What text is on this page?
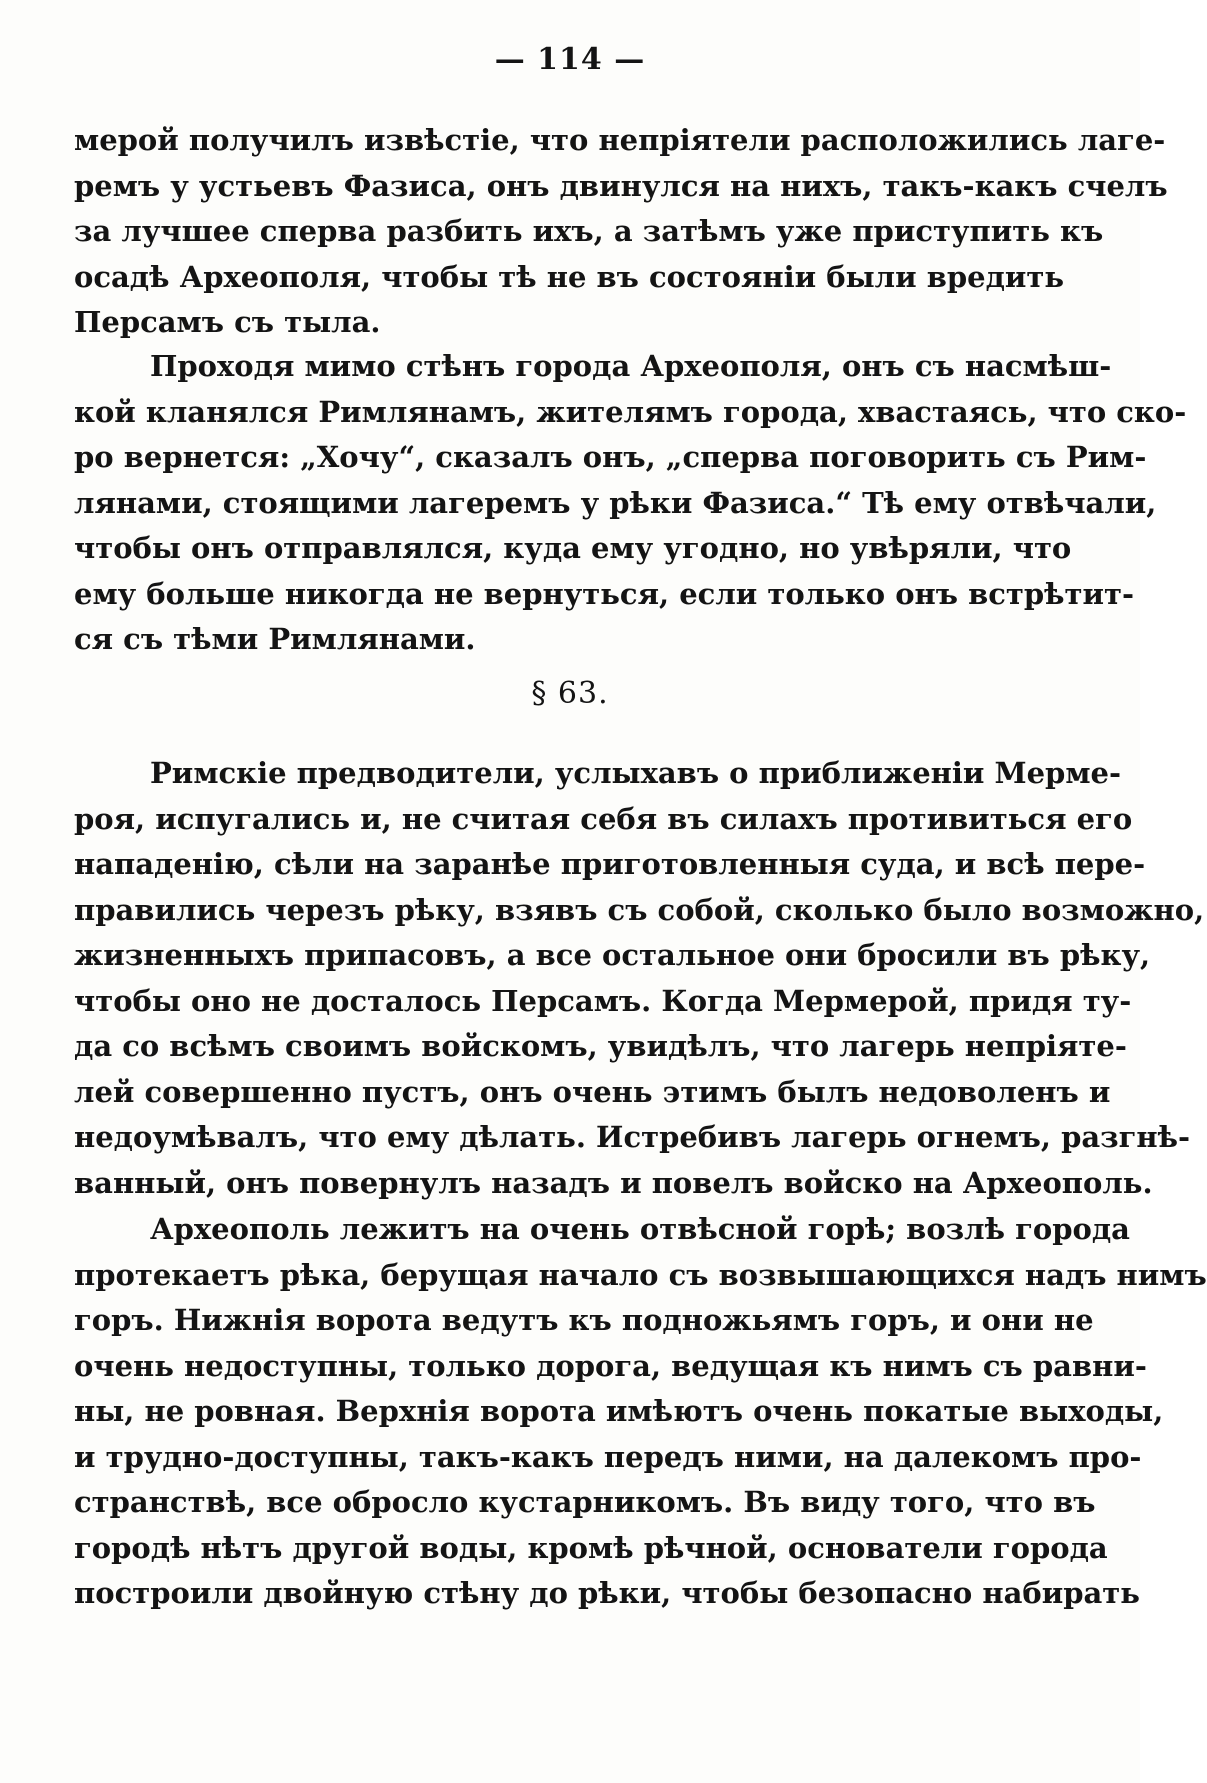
— 114 —
мерой получилъ извѣстіе, что непріятели расположились лаге-
ремъ у устьевъ Фазиса, онъ двинулся на нихъ, такъ-какъ счелъ
за лучшее сперва разбить ихъ, а затѣмъ уже приступить къ
осадѣ Археополя, чтобы тѣ не въ состояніи были вредить
Персамъ съ тыла.
Проходя мимо стѣнъ города Археополя, онъ съ насмѣш-
кой кланялся Римлянамъ, жителямъ города, хвастаясь, что ско-
ро вернется: „Хочу“, сказалъ онъ, „сперва поговорить съ Рим-
лянами, стоящими лагеремъ у рѣки Фазиса.“ Тѣ ему отвѣчали,
чтобы онъ отправлялся, куда ему угодно, но увѣряли, что
ему больше никогда не вернуться, если только онъ встрѣтит-
ся съ тѣми Римлянами.
§ 63.
Римскіе предводители, услыхавъ о приближеніи Мерме-
роя, испугались и, не считая себя въ силахъ противиться его
нападенію, сѣли на заранѣе приготовленныя суда, и всѣ пере-
правились черезъ рѣку, взявъ съ собой, сколько было возможно,
жизненныхъ припасовъ, а все остальное они бросили въ рѣку,
чтобы оно не досталось Персамъ. Когда Мермерой, придя ту-
да со всѣмъ своимъ войскомъ, увидѣлъ, что лагерь непріяте-
лей совершенно пустъ, онъ очень этимъ былъ недоволенъ и
недоумѣвалъ, что ему дѣлать. Истребивъ лагерь огнемъ, разгнѣ-
ванный, онъ повернулъ назадъ и повелъ войско на Археополь.
Археополь лежитъ на очень отвѣсной горѣ; возлѣ города
протекаетъ рѣка, берущая начало съ возвышающихся надъ нимъ
горъ. Нижнія ворота ведутъ къ подножьямъ горъ, и они не
очень недоступны, только дорога, ведущая къ нимъ съ равни-
ны, не ровная. Верхнія ворота имѣютъ очень покатые выходы,
и трудно-доступны, такъ-какъ передъ ними, на далекомъ про-
странствѣ, все обросло кустарникомъ. Въ виду того, что въ
городѣ нѣтъ другой воды, кромѣ рѣчной, основатели города
построили двойную стѣну до рѣки, чтобы безопасно набирать
